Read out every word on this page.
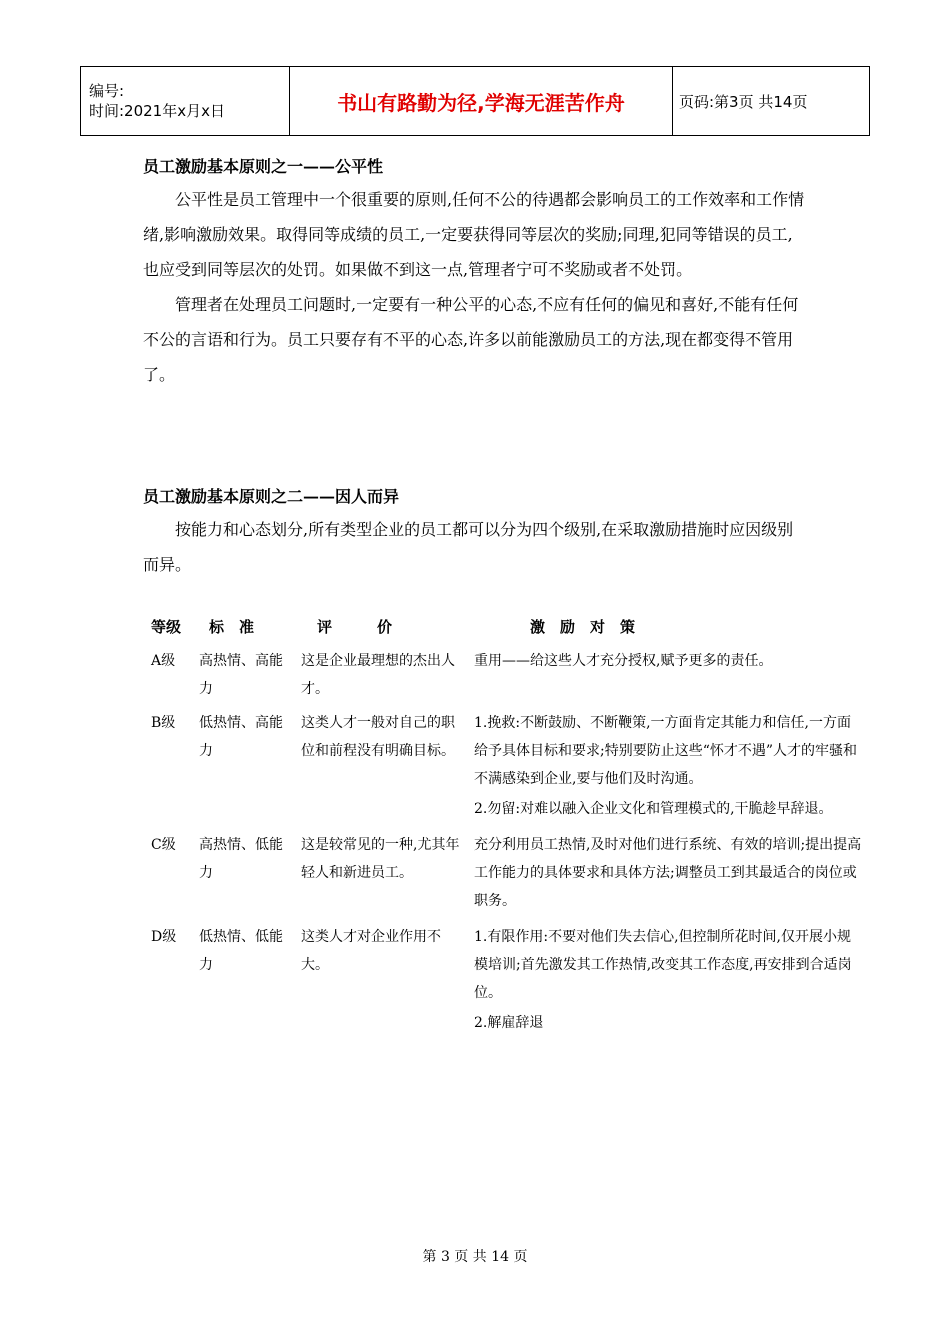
编号:
时间:2021年x月x日	书山有路勤为径,学海无涯苦作舟	页码:第3页 共14页

员工激励基本原则之一——公平性

公平性是员工管理中一个很重要的原则,任何不公的待遇都会影响员工的工作效率和工作情绪,影响激励效果。取得同等成绩的员工,一定要获得同等层次的奖励;同理,犯同等错误的员工,也应受到同等层次的处罚。如果做不到这一点,管理者宁可不奖励或者不处罚。

管理者在处理员工问题时,一定要有一种公平的心态,不应有任何的偏见和喜好,不能有任何不公的言语和行为。员工只要存有不平的心态,许多以前能激励员工的方法,现在都变得不管用了。

员工激励基本原则之二——因人而异

按能力和心态划分,所有类型企业的员工都可以分为四个级别,在采取激励措施时应因级别而异。

等级	标　准	评　　　价	激　励　对　策
A级	高热情、高能力	这是企业最理想的杰出人才。	重用——给这些人才充分授权,赋予更多的责任。

B级	低热情、高能力	这类人才一般对自己的职位和前程没有明确目标。	1.挽救:不断鼓励、不断鞭策,一方面肯定其能力和信任,一方面给予具体目标和要求;特别要防止这些“怀才不遇”人才的牢骚和不满感染到企业,要与他们及时沟通。
2.勿留:对难以融入企业文化和管理模式的,干脆趁早辞退。

C级	高热情、低能力	这是较常见的一种,尤其年轻人和新进员工。	充分利用员工热情,及时对他们进行系统、有效的培训;提出提高工作能力的具体要求和具体方法;调整员工到其最适合的岗位或职务。

D级	低热情、低能力	这类人才对企业作用不大。	1.有限作用:不要对他们失去信心,但控制所花时间,仅开展小规模培训;首先激发其工作热情,改变其工作态度,再安排到合适岗位。
2.解雇辞退
第 3 页 共 14 页
